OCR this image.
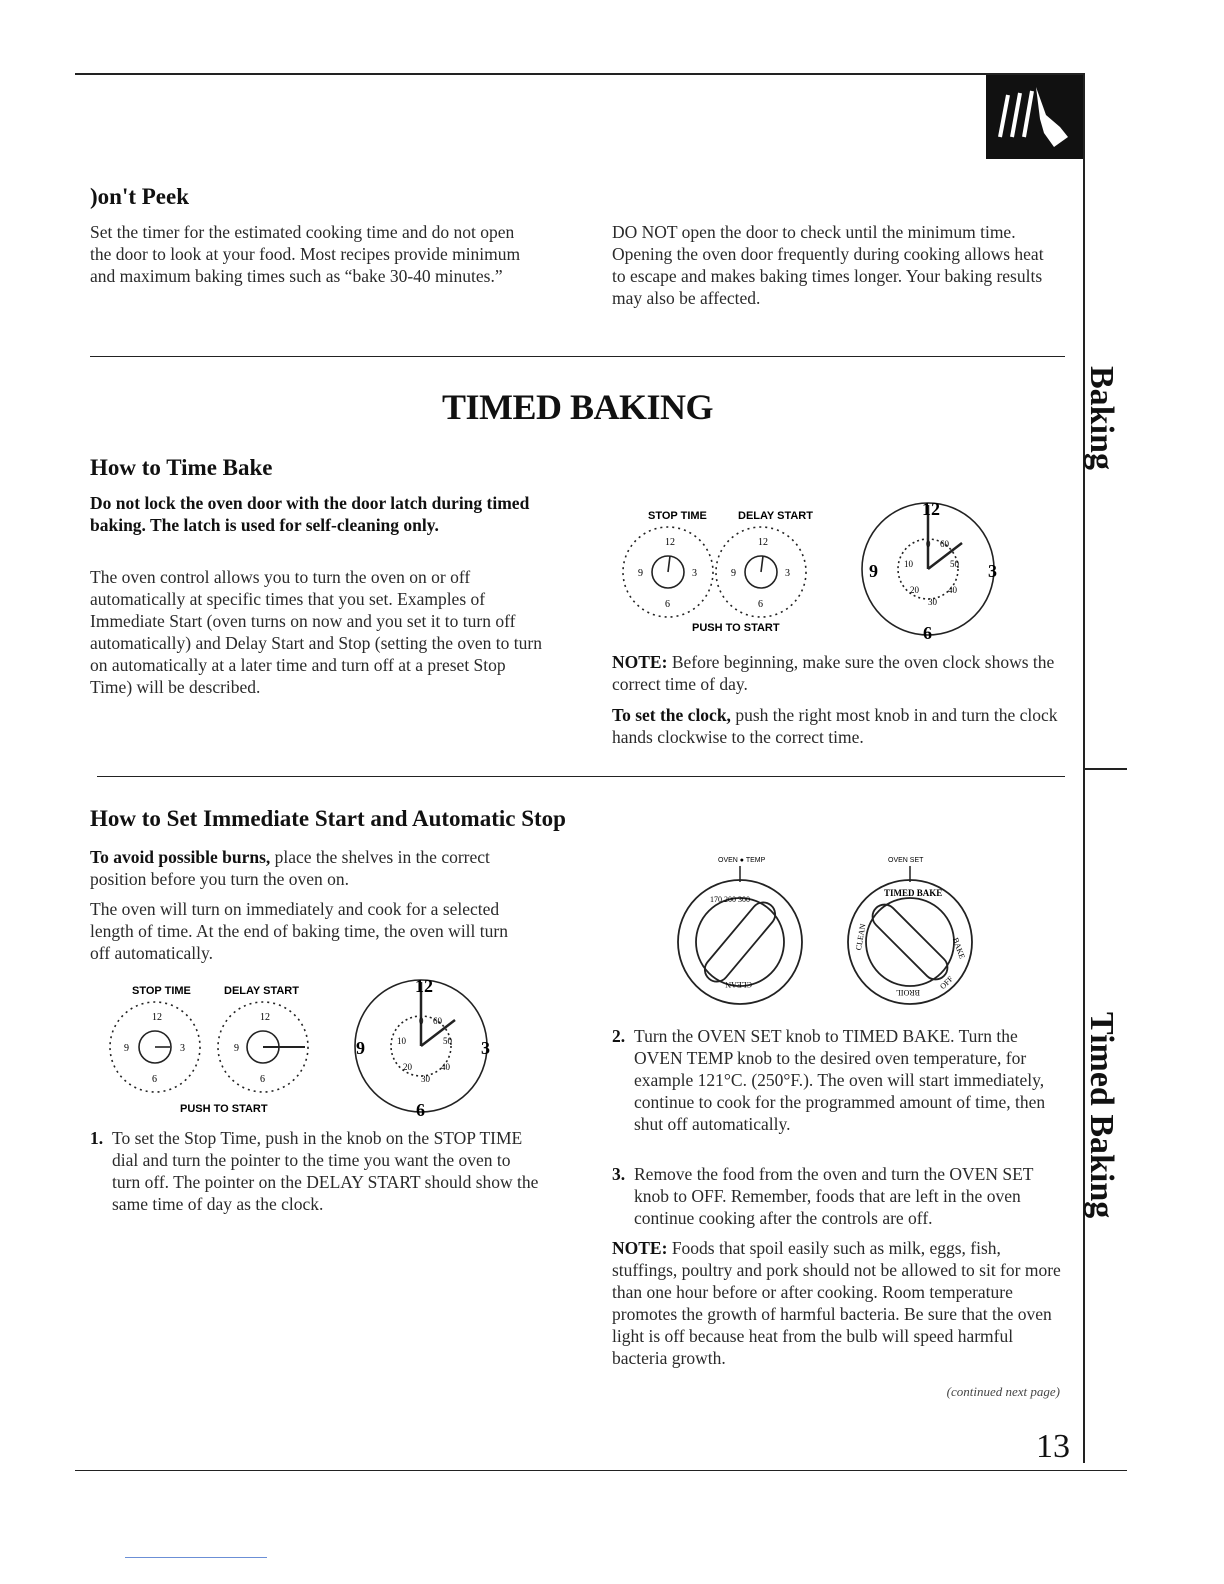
)on't Peek

Set the timer for the estimated cooking time and do not open the door to look at your food. Most recipes provide minimum and maximum baking times such as “bake 30-40 minutes.”

DO NOT open the door to check until the minimum time. Opening the oven door frequently during cooking allows heat to escape and makes baking times longer. Your baking results may also be affected.

TIMED BAKING
How to Time Bake

Do not lock the oven door with the door latch during timed baking. The latch is used for self-cleaning only.

The oven control allows you to turn the oven on or off automatically at specific times that you set. Examples of Immediate Start (oven turns on now and you set it to turn off automatically) and Delay Start and Stop (setting the oven to turn on automatically at a later time and turn off at a preset Stop Time) will be described.

STOP TIME	DELAY START
12
3
6
9
12
3
6
9
PUSH TO START
12
3
6
9
0 60
10	50
20	40
30

NOTE: Before beginning, make sure the oven clock shows the correct time of day.

To set the clock, push the right most knob in and turn the clock hands clockwise to the correct time.

How to Set Immediate Start and Automatic Stop

To avoid possible burns, place the shelves in the correct position before you turn the oven on.

The oven will turn on immediately and cook for a selected length of time. At the end of baking time, the oven will turn off automatically.

STOP TIME	DELAY START
12
3
6
9
12
9
6
PUSH TO START
12
3
6
9
0 60
10	50
20	40
30
1. To set the Stop Time, push in the knob on the STOP TIME dial and turn the pointer to the time you want the oven to turn off. The pointer on the DELAY START should show the same time of day as the clock.
OVEN ● TEMP	OVEN SET
170 200 300
CLEAN
TIMED BAKE
BAKE
CLEAN
BROIL
OFF
2. Turn the OVEN SET knob to TIMED BAKE. Turn the OVEN TEMP knob to the desired oven temperature, for example 121°C. (250°F.). The oven will start immediately, continue to cook for the programmed amount of time, then shut off automatically.
3. Remove the food from the oven and turn the OVEN SET knob to OFF. Remember, foods that are left in the oven continue cooking after the controls are off.

NOTE: Foods that spoil easily such as milk, eggs, fish, stuffings, poultry and pork should not be allowed to sit for more than one hour before or after cooking. Room temperature promotes the growth of harmful bacteria. Be sure that the oven light is off because heat from the bulb will speed harmful bacteria growth.

(continued next page)
13
Baking
Timed Baking
